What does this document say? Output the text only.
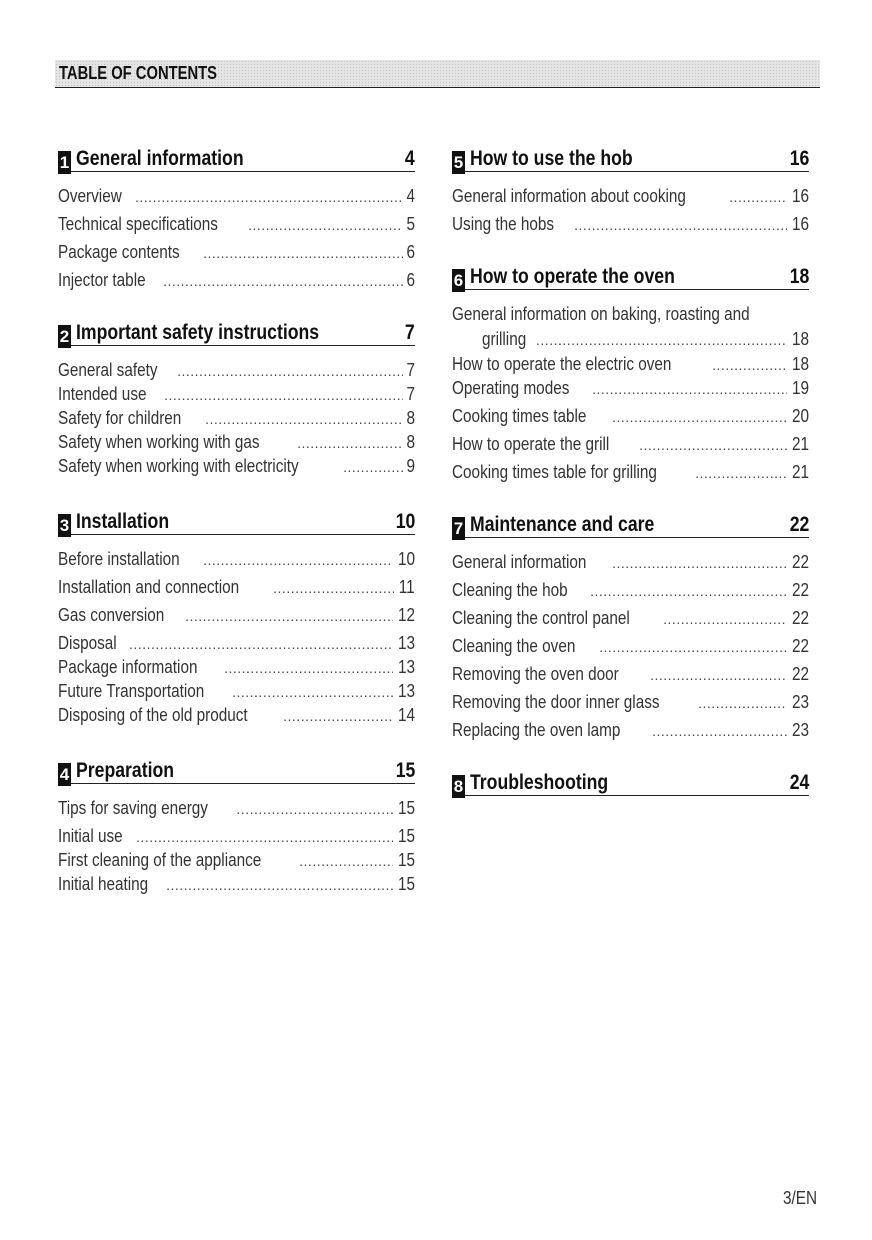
TABLE OF CONTENTS
1 General information	4
Overview .....	4
Technical specifications .....	5
Package contents .....	6
Injector table .....	6
2 Important safety instructions	7
General safety .....	7
Intended use .....	7
Safety for children .....	8
Safety when working with gas .....	8
Safety when working with electricity .....	9
3 Installation	10
Before installation .....	10
Installation and connection .....	11
Gas conversion .....	12
Disposal .....	13
Package information .....	13
Future Transportation .....	13
Disposing of the old product .....	14
4 Preparation	15
Tips for saving energy .....	15
Initial use .....	15
First cleaning of the appliance .....	15
Initial heating .....	15
5 How to use the hob	16
General information about cooking .....	16
Using the hobs .....	16
6 How to operate the oven	18
General information on baking, roasting and
grilling .....	18
How to operate the electric oven .....	18
Operating modes .....	19
Cooking times table .....	20
How to operate the grill .....	21
Cooking times table for grilling .....	21
7 Maintenance and care	22
General information .....	22
Cleaning the hob .....	22
Cleaning the control panel .....	22
Cleaning the oven .....	22
Removing the oven door .....	22
Removing the door inner glass .....	23
Replacing the oven lamp .....	23
8 Troubleshooting	24
3/EN
